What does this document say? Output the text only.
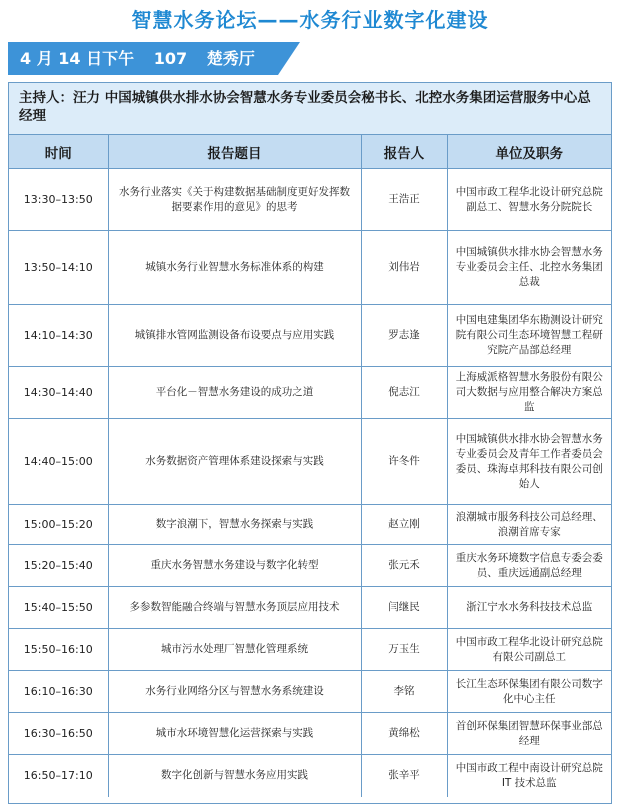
智慧水务论坛——水务行业数字化建设
4 月 14 日下午 107 楚秀厅
主持人：汪力 中国城镇供水排水协会智慧水务专业委员会秘书长、北控水务集团运营服务中心总经理
时间	报告题目	报告人	单位及职务
13:30–13:50	水务行业落实《关于构建数据基础制度更好发挥数据要素作用的意见》的思考	王浩正	中国市政工程华北设计研究总院副总工、智慧水务分院院长
13:50–14:10	城镇水务行业智慧水务标准体系的构建	刘伟岩	中国城镇供水排水协会智慧水务专业委员会主任、北控水务集团总裁
14:10–14:30	城镇排水管网监测设备布设要点与应用实践	罗志逢	中国电建集团华东勘测设计研究院有限公司生态环境智慧工程研究院产品部总经理
14:30–14:40	平台化－智慧水务建设的成功之道	倪志江	上海威派格智慧水务股份有限公司大数据与应用整合解决方案总监
14:40–15:00	水务数据资产管理体系建设探索与实践	许冬件	中国城镇供水排水协会智慧水务专业委员会及青年工作者委员会委员、珠海卓邦科技有限公司创始人
15:00–15:20	数字浪潮下，智慧水务探索与实践	赵立刚	浪潮城市服务科技公司总经理、浪潮首席专家
15:20–15:40	重庆水务智慧水务建设与数字化转型	张元禾	重庆水务环境数字信息专委会委员、重庆远通副总经理
15:40–15:50	多参数智能融合终端与智慧水务顶层应用技术	闫继民	浙江宁水水务科技技术总监
15:50–16:10	城市污水处理厂智慧化管理系统	万玉生	中国市政工程华北设计研究总院有限公司副总工
16:10–16:30	水务行业网络分区与智慧水务系统建设	李铭	长江生态环保集团有限公司数字化中心主任
16:30–16:50	城市水环境智慧化运营探索与实践	黄绵松	首创环保集团智慧环保事业部总经理
16:50–17:10	数字化创新与智慧水务应用实践	张辛平	中国市政工程中南设计研究总院 IT 技术总监
